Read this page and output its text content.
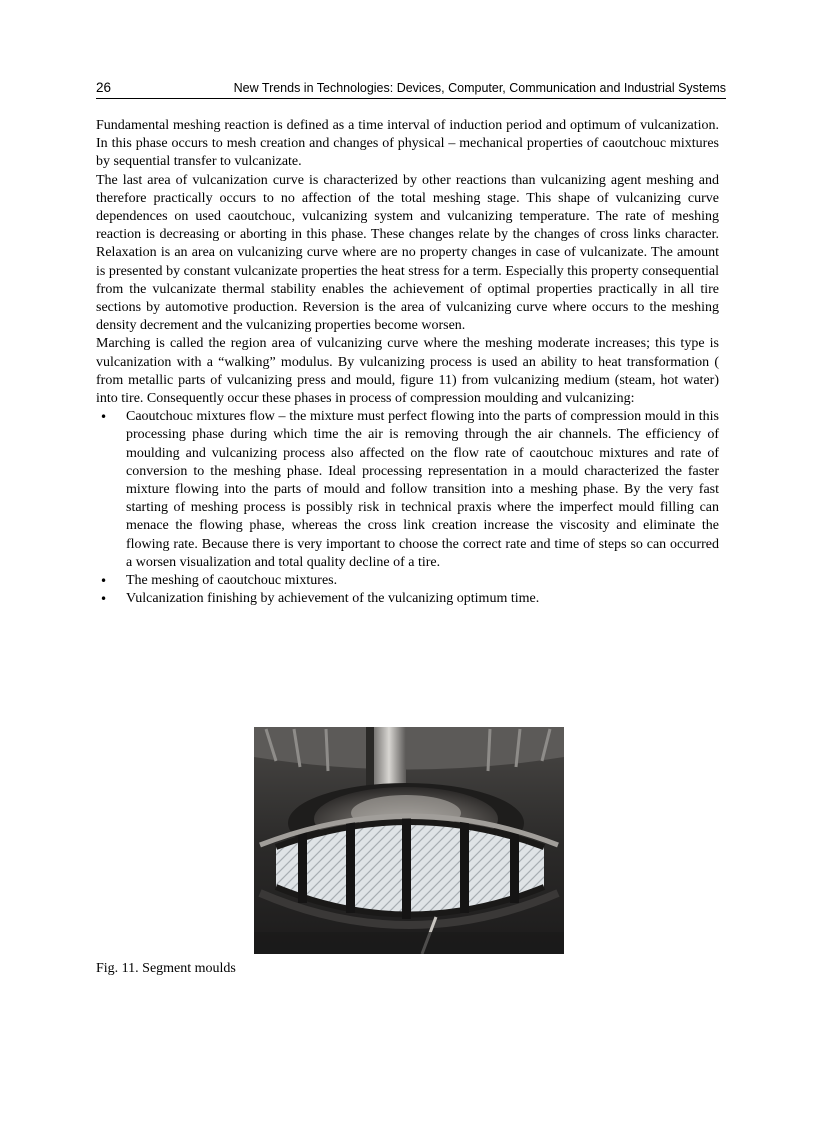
26	New Trends in Technologies: Devices, Computer, Communication and Industrial Systems

Fundamental meshing reaction is defined as a time interval of induction period and optimum of vulcanization. In this phase occurs to mesh creation and changes of physical – mechanical properties of caoutchouc mixtures by sequential transfer to vulcanizate.

The last area of vulcanization curve is characterized by other reactions than vulcanizing agent meshing and therefore practically occurs to no affection of the total meshing stage. This shape of vulcanizing curve dependences on used caoutchouc, vulcanizing system and vulcanizing temperature. The rate of meshing reaction is decreasing or aborting in this phase. These changes relate by the changes of cross links character. Relaxation is an area on vulcanizing curve where are no property changes in case of vulcanizate. The amount is presented by constant vulcanizate properties the heat stress for a term. Especially this property consequential from the vulcanizate thermal stability enables the achievement of optimal properties practically in all tire sections by automotive production. Reversion is the area of vulcanizing curve where occurs to the meshing density decrement and the vulcanizing properties become worsen.

Marching is called the region area of vulcanizing curve where the meshing moderate increases; this type is vulcanization with a “walking” modulus. By vulcanizing process is used an ability to heat transformation ( from metallic parts of vulcanizing press and mould, figure 11) from vulcanizing medium (steam, hot water) into tire. Consequently occur these phases in process of compression moulding and vulcanizing:

• Caoutchouc mixtures flow – the mixture must perfect flowing into the parts of compression mould in this processing phase during which time the air is removing through the air channels. The efficiency of moulding and vulcanizing process also affected on the flow rate of caoutchouc mixtures and rate of conversion to the meshing phase. Ideal processing representation in a mould characterized the faster mixture flowing into the parts of mould and follow transition into a meshing phase. By the very fast starting of meshing process is possibly risk in technical praxis where the imperfect mould filling can menace the flowing phase, whereas the cross link creation increase the viscosity and eliminate the flowing rate. Because there is very important to choose the correct rate and time of steps so can occurred a worsen visualization and total quality decline of a tire.
• The meshing of caoutchouc mixtures.
• Vulcanization finishing by achievement of the vulcanizing optimum time.
Fig. 11. Segment moulds
